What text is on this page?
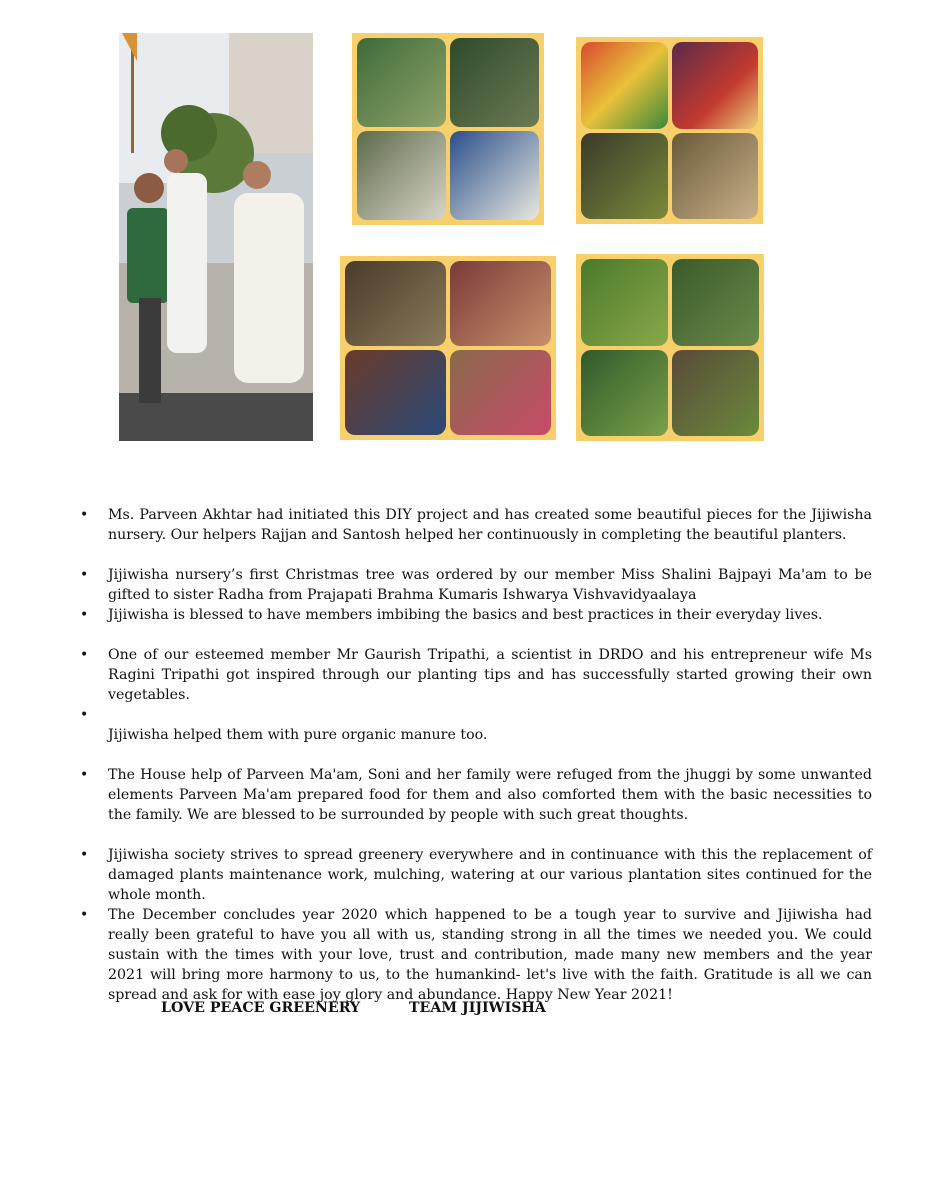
• Ms. Parveen Akhtar had initiated this DIY project and has created some beautiful pieces for the Jijiwisha nursery. Our helpers Rajjan and Santosh helped her continuously in completing the beautiful planters.
• Jijiwisha nursery’s first Christmas tree was ordered by our member Miss Shalini Bajpayi Ma'am to be gifted to sister Radha from Prajapati Brahma Kumaris Ishwarya Vishvavidyaalaya
• Jijiwisha is blessed to have members imbibing the basics and best practices in their everyday lives.
• One of our esteemed member Mr Gaurish Tripathi, a scientist in DRDO and his entrepreneur wife Ms Ragini Tripathi got inspired through our planting tips and has successfully started growing their own vegetables.
•
Jijiwisha helped them with pure organic manure too.
• The House help of Parveen Ma'am, Soni and her family were refuged from the jhuggi by some unwanted elements Parveen Ma'am prepared food for them and also comforted them with the basic necessities to the family. We are blessed to be surrounded by people with such great thoughts.
• Jijiwisha society strives to spread greenery everywhere and in continuance with this the replacement of damaged plants maintenance work, mulching, watering at our various plantation sites continued for the whole month.
• The December concludes year 2020 which happened to be a tough year to survive and Jijiwisha had really been grateful to have you all with us, standing strong in all the times we needed you. We could sustain with the times with your love, trust and contribution, made many new members and the year 2021 will bring more harmony to us, to the humankind- let's live with the faith. Gratitude is all we can spread and ask for with ease joy glory and abundance. Happy New Year 2021!
LOVE PEACE GREENERY	TEAM JIJIWISHA
